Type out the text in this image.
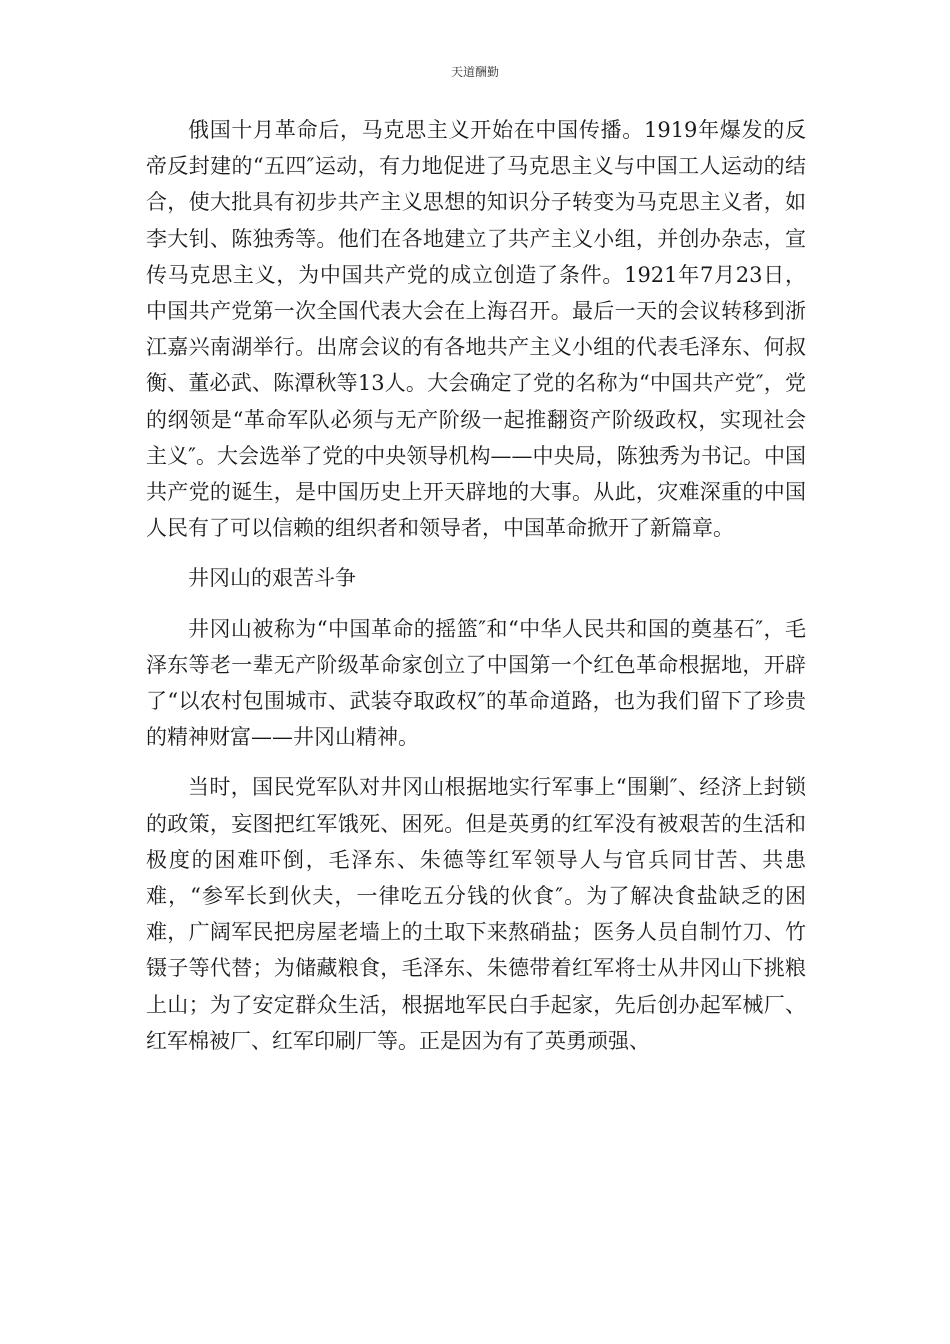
天道酬勤

俄国十月革命后，马克思主义开始在中国传播。1919年爆发的反帝反封建的“五四″运动，有力地促进了马克思主义与中国工人运动的结合，使大批具有初步共产主义思想的知识分子转变为马克思主义者，如李大钊、陈独秀等。他们在各地建立了共产主义小组，并创办杂志，宣传马克思主义，为中国共产党的成立创造了条件。1921年7月23日，中国共产党第一次全国代表大会在上海召开。最后一天的会议转移到浙江嘉兴南湖举行。出席会议的有各地共产主义小组的代表毛泽东、何叔衡、董必武、陈潭秋等13人。大会确定了党的名称为“中国共产党″，党的纲领是“革命军队必须与无产阶级一起推翻资产阶级政权，实现社会主义″。大会选举了党的中央领导机构——中央局，陈独秀为书记。中国共产党的诞生，是中国历史上开天辟地的大事。从此，灾难深重的中国人民有了可以信赖的组织者和领导者，中国革命掀开了新篇章。

井冈山的艰苦斗争

井冈山被称为“中国革命的摇篮″和“中华人民共和国的奠基石″，毛泽东等老一辈无产阶级革命家创立了中国第一个红色革命根据地，开辟了“以农村包围城市、武装夺取政权″的革命道路，也为我们留下了珍贵的精神财富——井冈山精神。

当时，国民党军队对井冈山根据地实行军事上“围剿″、经济上封锁的政策，妄图把红军饿死、困死。但是英勇的红军没有被艰苦的生活和极度的困难吓倒，毛泽东、朱德等红军领导人与官兵同甘苦、共患难，“参军长到伙夫，一律吃五分钱的伙食″。为了解决食盐缺乏的困难，广阔军民把房屋老墙上的土取下来熬硝盐；医务人员自制竹刀、竹镊子等代替；为储藏粮食，毛泽东、朱德带着红军将士从井冈山下挑粮上山；为了安定群众生活，根据地军民白手起家，先后创办起军械厂、红军棉被厂、红军印刷厂等。正是因为有了英勇顽强、
